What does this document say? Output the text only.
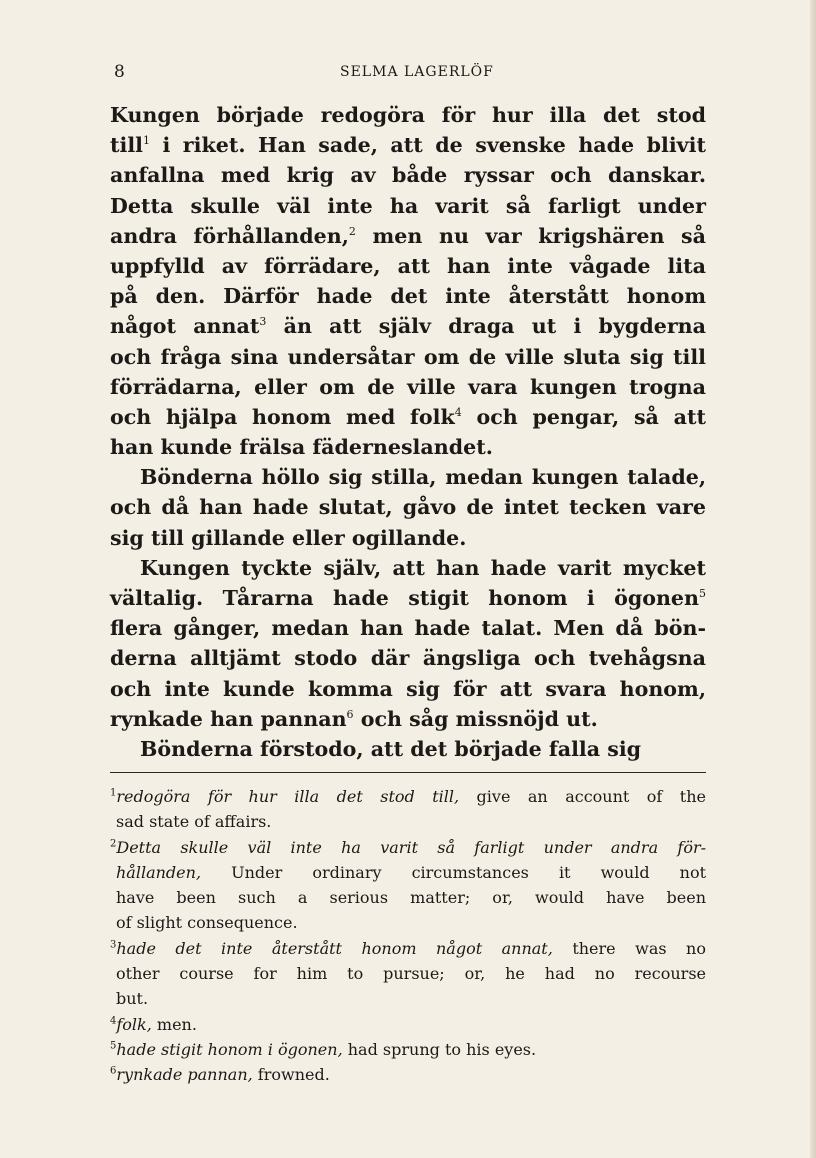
8	SELMA LAGERLÖF
Kungen började redogöra för hur illa det stod
till$^1$ i riket. Han sade, att de svenske hade blivit
anfallna med krig av både ryssar och danskar.
Detta skulle väl inte ha varit så farligt under
andra förhållanden,$^2$ men nu var krigshären så
uppfylld av förrädare, att han inte vågade lita
på den. Därför hade det inte återstått honom
något annat$^3$ än att själv draga ut i bygderna
och fråga sina undersåtar om de ville sluta sig till
förrädarna, eller om de ville vara kungen trogna
och hjälpa honom med folk$^4$ och pengar, så att
han kunde frälsa fäderneslandet.
Bönderna höllo sig stilla, medan kungen talade,
och då han hade slutat, gåvo de intet tecken vare
sig till gillande eller ogillande.
Kungen tyckte själv, att han hade varit mycket
vältalig. Tårarna hade stigit honom i ögonen$^5$
flera gånger, medan han hade talat. Men då bön-
derna alltjämt stodo där ängsliga och tvehågsna
och inte kunde komma sig för att svara honom,
rynkade han pannan$^6$ och såg missnöjd ut.
Bönderna förstodo, att det började falla sig
$^1$redogöra för hur illa det stod till, give an account of the
sad state of affairs.
$^2$Detta skulle väl inte ha varit så farligt under andra för-
hållanden, Under ordinary circumstances it would not
have been such a serious matter; or, would have been
of slight consequence.
$^3$hade det inte återstått honom något annat, there was no
other course for him to pursue; or, he had no recourse
but.
$^4$folk, men.
$^5$hade stigit honom i ögonen, had sprung to his eyes.
$^6$rynkade pannan, frowned.
